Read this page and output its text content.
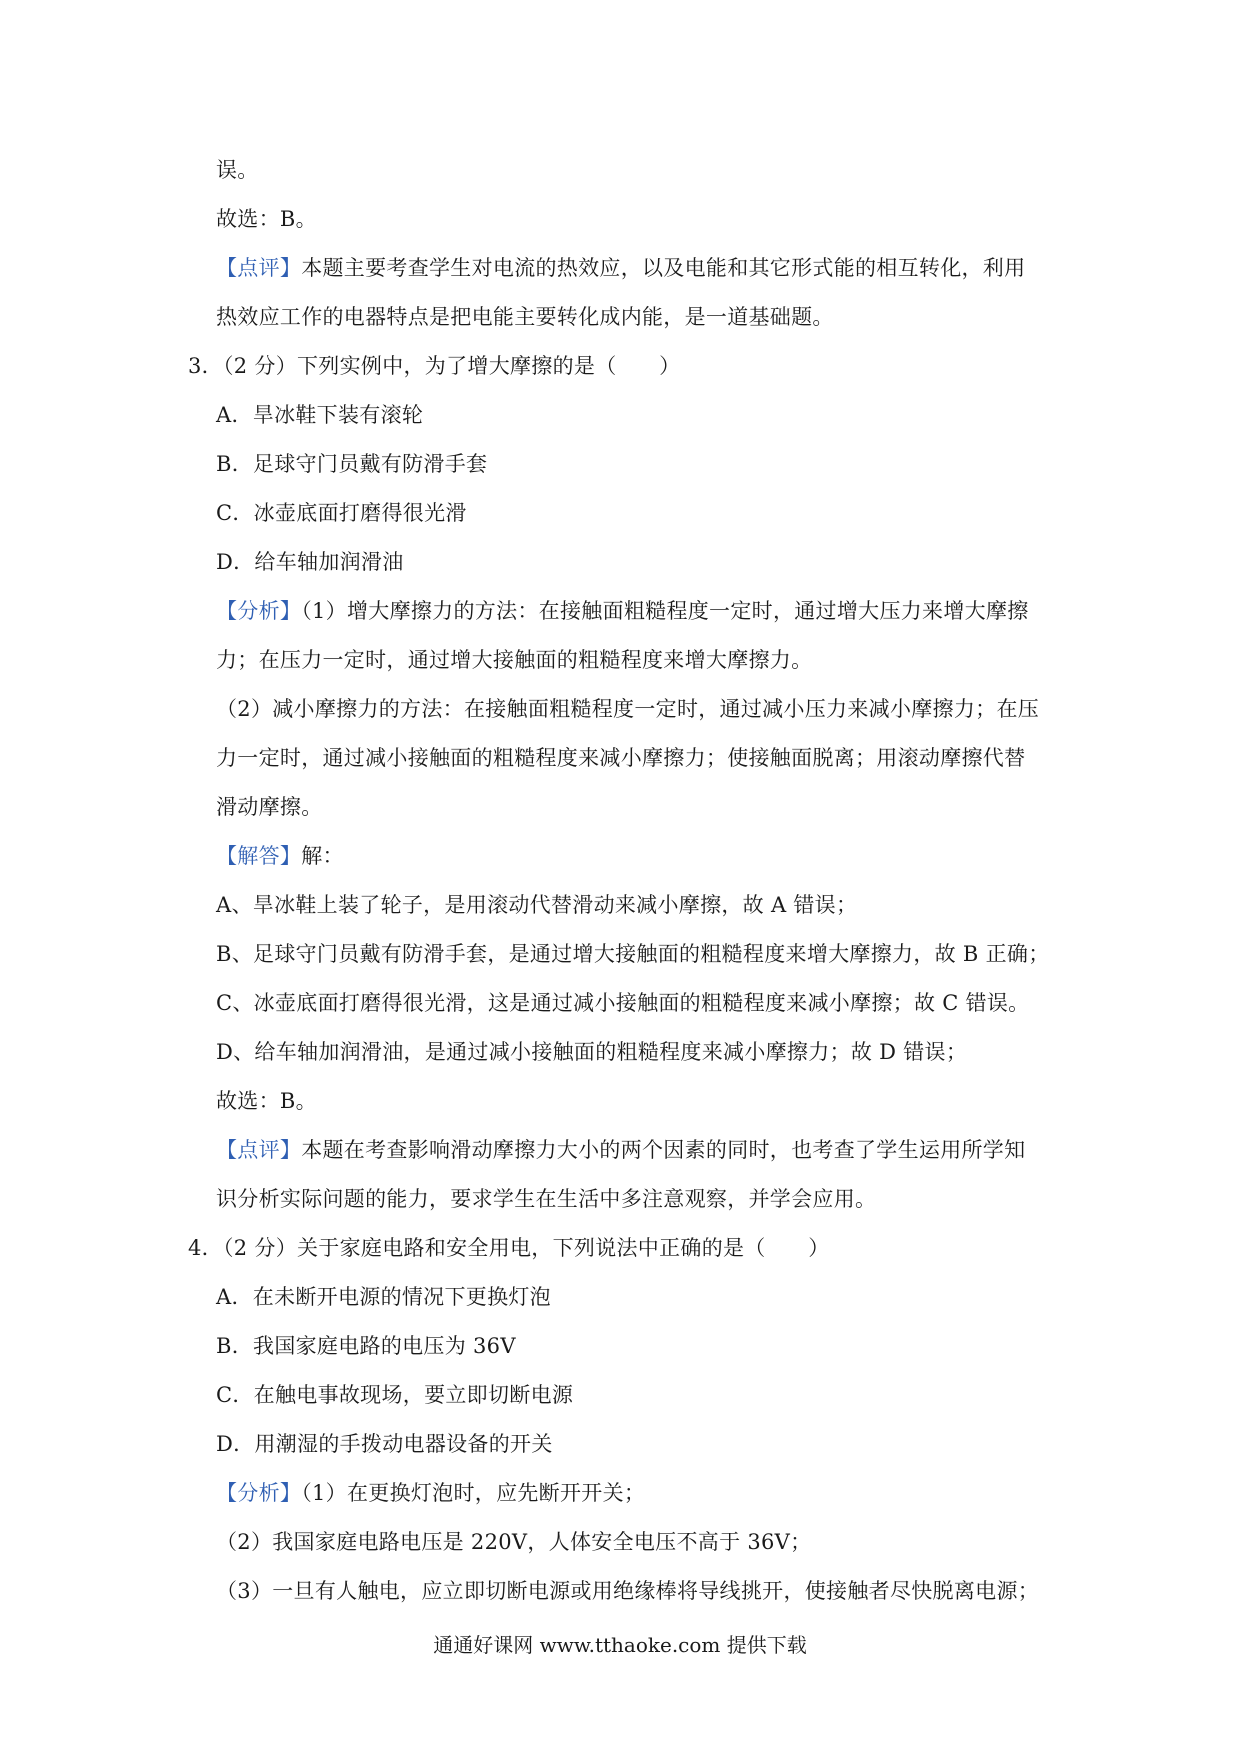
误。
故选：B。
【点评】本题主要考查学生对电流的热效应，以及电能和其它形式能的相互转化，利用
热效应工作的电器特点是把电能主要转化成内能，是一道基础题。
3．（2 分）下列实例中，为了增大摩擦的是（　　）
A．旱冰鞋下装有滚轮
B．足球守门员戴有防滑手套
C．冰壶底面打磨得很光滑
D．给车轴加润滑油
【分析】（1）增大摩擦力的方法：在接触面粗糙程度一定时，通过增大压力来增大摩擦
力；在压力一定时，通过增大接触面的粗糙程度来增大摩擦力。
（2）减小摩擦力的方法：在接触面粗糙程度一定时，通过减小压力来减小摩擦力；在压
力一定时，通过减小接触面的粗糙程度来减小摩擦力；使接触面脱离；用滚动摩擦代替
滑动摩擦。
【解答】解：
A、旱冰鞋上装了轮子，是用滚动代替滑动来减小摩擦，故 A 错误；
B、足球守门员戴有防滑手套，是通过增大接触面的粗糙程度来增大摩擦力，故 B 正确；
C、冰壶底面打磨得很光滑，这是通过减小接触面的粗糙程度来减小摩擦；故 C 错误。
D、给车轴加润滑油，是通过减小接触面的粗糙程度来减小摩擦力；故 D 错误；
故选：B。
【点评】本题在考查影响滑动摩擦力大小的两个因素的同时，也考查了学生运用所学知
识分析实际问题的能力，要求学生在生活中多注意观察，并学会应用。
4．（2 分）关于家庭电路和安全用电，下列说法中正确的是（　　）
A．在未断开电源的情况下更换灯泡
B．我国家庭电路的电压为 36V
C．在触电事故现场，要立即切断电源
D．用潮湿的手拨动电器设备的开关
【分析】（1）在更换灯泡时，应先断开开关；
（2）我国家庭电路电压是 220V，人体安全电压不高于 36V；
（3）一旦有人触电，应立即切断电源或用绝缘棒将导线挑开，使接触者尽快脱离电源；
通通好课网 www.tthaoke.com 提供下载
